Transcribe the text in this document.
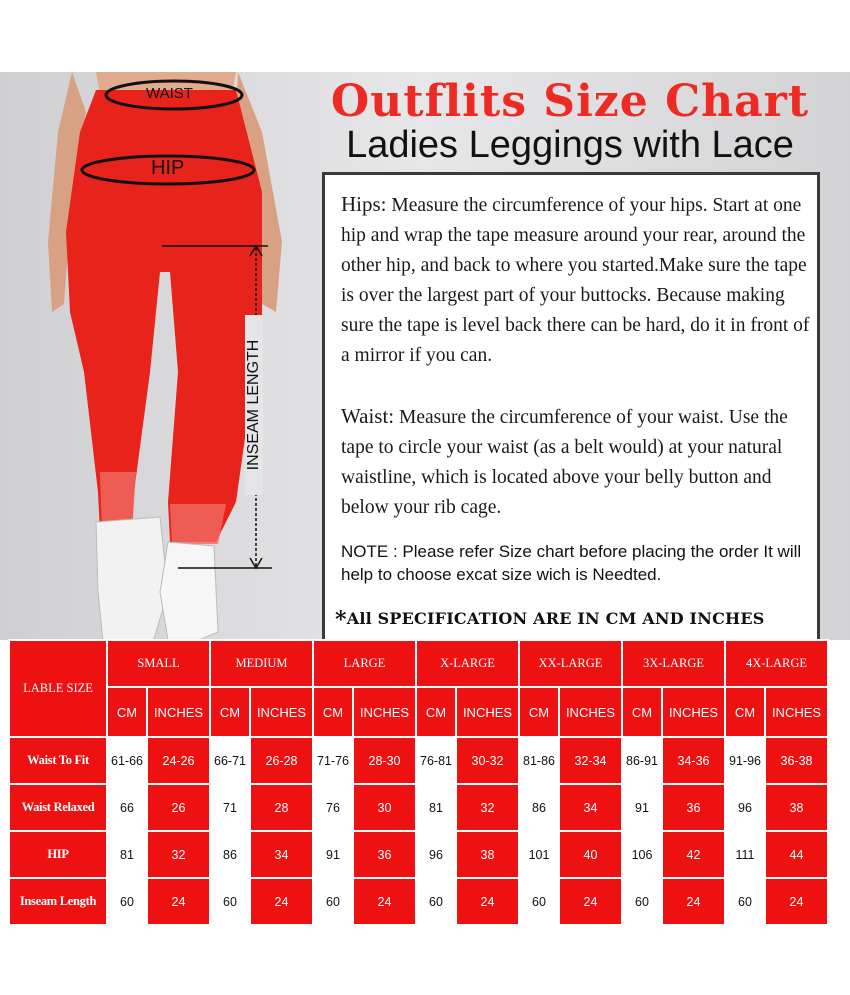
WAIST
HIP
INSEAM LENGTH
Outflits Size Chart
Ladies Leggings with Lace

Hips: Measure the circumference of your hips. Start at one hip and wrap the tape measure around your rear, around the other hip, and back to where you started.Make sure the tape is over the largest part of your buttocks. Because making sure the tape is level back there can be hard, do it in front of a mirror if you can.

Waist: Measure the circumference of your waist. Use the tape to circle your waist (as a belt would) at your natural waistline, which is located above your belly button and below your rib cage.

NOTE : Please refer Size chart before placing the order It will help to choose excat size wich is Needted.
*All SPECIFICATION ARE IN CM AND INCHES
LABLE SIZE	SMALL		MEDIUM		LARGE		X-LARGE		XX-LARGE		3X-LARGE		4X-LARGE	
	CM	INCHES	CM	INCHES	CM	INCHES	CM	INCHES	CM	INCHES	CM	INCHES	CM	INCHES
Waist To Fit	61-66	24-26	66-71	26-28	71-76	28-30	76-81	30-32	81-86	32-34	86-91	34-36	91-96	36-38
Waist Relaxed	66	26	71	28	76	30	81	32	86	34	91	36	96	38
HIP	81	32	86	34	91	36	96	38	101	40	106	42	111	44
Inseam Length	60	24	60	24	60	24	60	24	60	24	60	24	60	24
